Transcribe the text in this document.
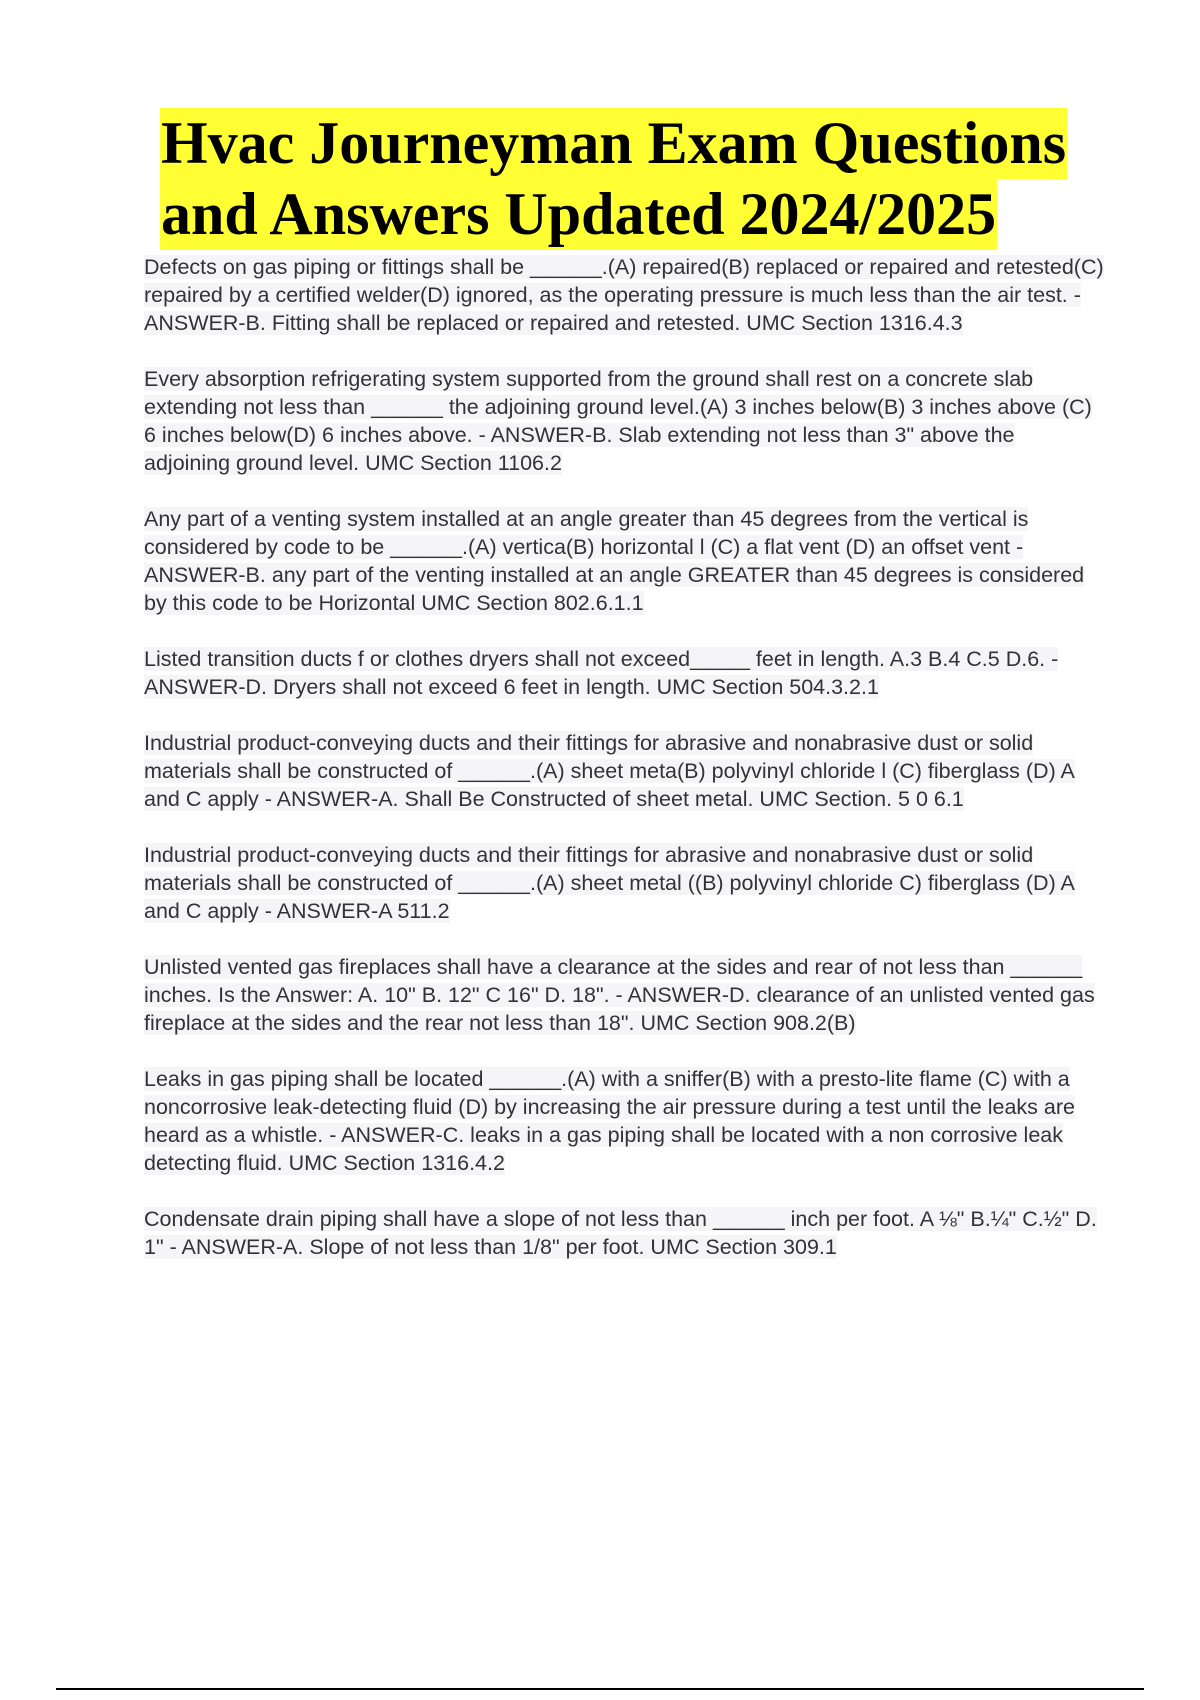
Hvac Journeyman Exam Questions
and Answers Updated 2024/2025

Defects on gas piping or fittings shall be ______.(A) repaired(B) replaced or repaired and retested(C) repaired by a certified welder(D) ignored, as the operating pressure is much less than the air test. - ANSWER-B. Fitting shall be replaced or repaired and retested. UMC Section 1316.4.3

Every absorption refrigerating system supported from the ground shall rest on a concrete slab extending not less than ______ the adjoining ground level.(A) 3 inches below(B) 3 inches above (C) 6 inches below(D) 6 inches above. - ANSWER-B. Slab extending not less than 3" above the adjoining ground level. UMC Section 1106.2

Any part of a venting system installed at an angle greater than 45 degrees from the vertical is considered by code to be ______.(A) vertica(B) horizontal l (C) a flat vent (D) an offset vent - ANSWER-B. any part of the venting installed at an angle GREATER than 45 degrees is considered by this code to be Horizontal UMC Section 802.6.1.1

Listed transition ducts f or clothes dryers shall not exceed_____ feet in length. A.3 B.4 C.5 D.6. - ANSWER-D. Dryers shall not exceed 6 feet in length. UMC Section 504.3.2.1

Industrial product-conveying ducts and their fittings for abrasive and nonabrasive dust or solid materials shall be constructed of ______.(A) sheet meta(B) polyvinyl chloride l (C) fiberglass (D) A and C apply - ANSWER-A. Shall Be Constructed of sheet metal. UMC Section. 5 0 6.1

Industrial product-conveying ducts and their fittings for abrasive and nonabrasive dust or solid materials shall be constructed of ______.(A) sheet metal ((B) polyvinyl chloride C) fiberglass (D) A and C apply - ANSWER-A 511.2

Unlisted vented gas fireplaces shall have a clearance at the sides and rear of not less than ______ inches. Is the Answer: A. 10" B. 12" C 16" D. 18". - ANSWER-D. clearance of an unlisted vented gas fireplace at the sides and the rear not less than 18". UMC Section 908.2(B)

Leaks in gas piping shall be located ______.(A) with a sniffer(B) with a presto-lite flame (C) with a noncorrosive leak-detecting fluid (D) by increasing the air pressure during a test until the leaks are heard as a whistle. - ANSWER-C. leaks in a gas piping shall be located with a non corrosive leak detecting fluid. UMC Section 1316.4.2

Condensate drain piping shall have a slope of not less than ______ inch per foot. A ⅛" B.¼" C.½" D. 1" - ANSWER-A. Slope of not less than 1/8" per foot. UMC Section 309.1
